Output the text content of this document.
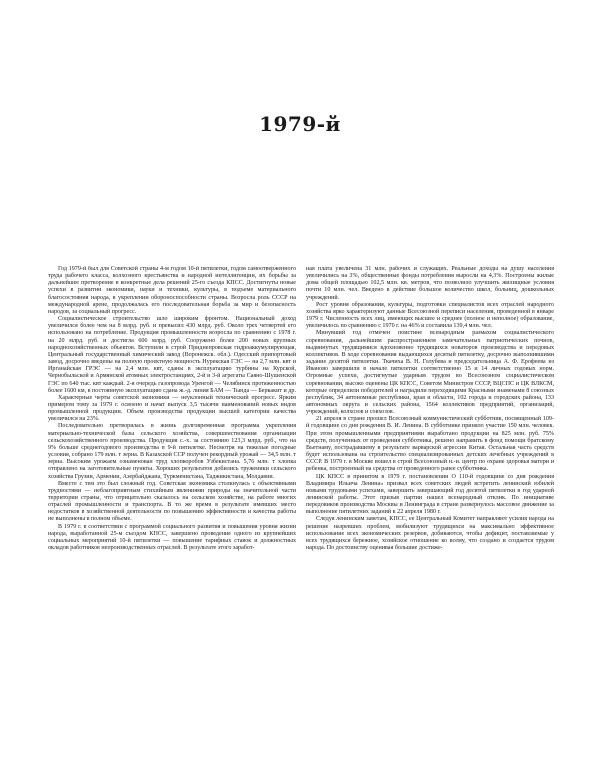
1979-й

Год 1979-й был для Советской страны 4-м годом 10-й пятилетки, годом самоотверженного труда рабочего класса, колхозного крестьянства и народной интеллигенции, их борьбы за дальнейшее претворение в конкретные дела решений 25-го съезда КПСС. Достигнуты новые успехи в развитии экономики, науки и техники, культуры, в подъеме материального благосостояния народа, в укреплении обороноспособности страны. Возросла роль СССР на международной арене, продолжалась его последовательная борьба за мир и безопасность народов, за социальный прогресс.

Социалистическое строительство шло широким фронтом. Национальный доход увеличился более чем на 8 млрд. руб. и превысил 430 млрд. руб. Около трех четвертей его использовано на потребление. Продукция промышленности возросла по сравнению с 1978 г. на 20 млрд. руб. и достигла 606 млрд. руб. Сооружено более 200 новых крупных народнохозяйственных объектов. Вступили в строй Приднепровская гидроаккумулирующая, Центральный государственный химический завод (Воронежск. обл.). Одесский припортовый завод, досрочно введены на полную проектную мощность Нурекская ГЭС — на 2,7 млн. квт и Ирганайская ГРЭС — на 2,4 млн. квт, сданы в эксплуатацию турбины на Курской, Чернобыльской и Армянской атомных электростанциях, 2-й и 3-й агрегаты Саяно-Шушенской ГЭС по 640 тыс. квт каждый. 2-я очередь газопровода Уренгой — Челябинск протяженностью более 1600 км, в постоянную эксплуатацию сдана ж.-д. линия БАМ — Тында — Беркакит и др.

Характерные черты советской экономики — неуклонный технический прогресс. Ярким примером тому за 1979 г. освоено и начат выпуск 3,5 тысячи наименований новых видов промышленной продукции. Объем производства продукции высшей категории качества увеличился на 23%.

Последовательно претворялась в жизнь долговременная программа укрепления материально-технической базы сельского хозяйства, совершенствования организации сельскохозяйственного производства. Продукция с.-х. за состоянию 123,3 млрд. руб., что на 9% больше среднегодового производства в 9-й пятилетке. Несмотря на тяжелые погодные условия, собрано 179 млн. т зерна. В Казахской ССР получен рекордный урожай — 34,5 млн. т зерна. Высоким урожаем ознаменован труд хлопкоробов Узбекистана. 5,76 млн. т хлопка отправлено на заготовительные пункты. Хороших результатов добились труженики сельского хозяйства Грузии, Армении, Азербайджана, Туркменистана, Таджикистана, Молдавии.

Вместе с тем это был сложный год. Советская экономика столкнулась с объективными трудностями — неблагоприятным стихийным явлениями природы на значительной части территории страны, что отрицательно сказалось на сельском хозяйстве, на работе многих отраслей промышленности и транспорта. В то же время в результате имевших место недостатков в хозяйственной деятельности по повышению эффективности и качества работы не выполнены в полном объеме.

В 1979 г. в соответствии с программой социального развития и повышения уровня жизни народа, выработанной 25-м съездом КПСС, завершено проведение одного из крупнейших социальных мероприятий 10-й пятилетки — повышение тарифных ставок и должностных окладов работников непроизводственных отраслей. В результате этого заработ-

ная плата увеличена 31 млн. рабочих и служащих. Реальные доходы на душу населения увеличились на 3%, общественные фонды потребления выросли на 4,3%. Построены жилые дома общей площадью 102,5 млн. кв. метров, что позволило улучшить жилищные условия почти 10 млн. чел. Введено в действие большое количество школ, больниц, дошкольных учреждений.

Рост уровня образования, культуры, подготовки специалистов всех отраслей народного хозяйства ярко характеризуют данные Всесоюзной переписи населения, проведенной в январе 1979 г. Численность всех лиц, имеющих высшее и среднее (полное и неполное) образование, увеличилось по сравнению с 1970 г. на 46% и составила 139,4 млн. чел.

Минувший год отмечен поистине всенародным размахом социалистического соревнования, дальнейшим распространением замечательных патриотических почнов, выдвинутых трудящимися вдохновенно трудящихся новаторов производства и передовых коллективов. В ходе соревнования выдающихся десятый пятилетку, досрочно выполнившими задание десятой пятилетки. Ткачиха В. Н. Голубева и председательница А. Ф. Ерофеева из Иваново завершили в начале пятилетки соответственно 15 и 14 личных годовых норм. Огромные успехи, достигнутые ударным трудом во Всесоюзном социалистическом соревновании, высоко оценены ЦК КПСС, Советом Министров СССР, ВЦСПС и ЦК ВЛКСМ, которые определили победителей и наградили переходящими Красными знаменами 8 союзных республик, 34 автономные республики, края и области, 102 города и городских района, 133 автономных округа и сельских района, 1564 коллективов предприятий, организаций, учреждений, колхозов и совхозов.

21 апреля в стране прошел Всесоюзный коммунистический субботник, посвященный 109-й годовщине со дня рождения В. И. Ленина. В субботнике приняло участие 150 млн. человек. При этом промышленными предприятиями выработано продукции на 825 млн. руб. 75% средств, полученных от проведения субботника, решено направить в фонд помощи братскому Вьетнаму, пострадавшему в результате варварской агрессии Китая. Остальная часть средств будет использована на строительство специализированных детских лечебных учреждений в СССР. В 1979 г. в Москве вошел в строй Всесоюзный н.-и. центр по охране здоровья матери и ребенка, построенный на средства от проведенного ранее субботника.

ЦК КПСС в принятом в 1979 г. постановлении О 110-й годовщине со дня рождения Владимира Ильича Ленина» призвал всех советских людей встретить ленинский юбилей новыми трудовыми успехами, завершить завершающий год десятой пятилетки в год ударной ленинской работы. Этот призыв партии нашел всенародный отклик. По инициативе передовиков производства Москвы и Ленинграда в стране развернулось массовое движение за выполнение пятилетних заданий к 22 апреля 1980 г.

Следуя ленинским заветам, КПСС, ее Центральный Комитет направляют усилия народа на решение назревших проблем, мобилизуют трудящихся на максимально эффективное использование всех экономических резервов, добиваются, чтобы дефицит, поставляемые у всех трудящихся бережное, хозяйское отношение ко всему, что создано и создается трудом народа. По достоинству оценивая большие достиже-
